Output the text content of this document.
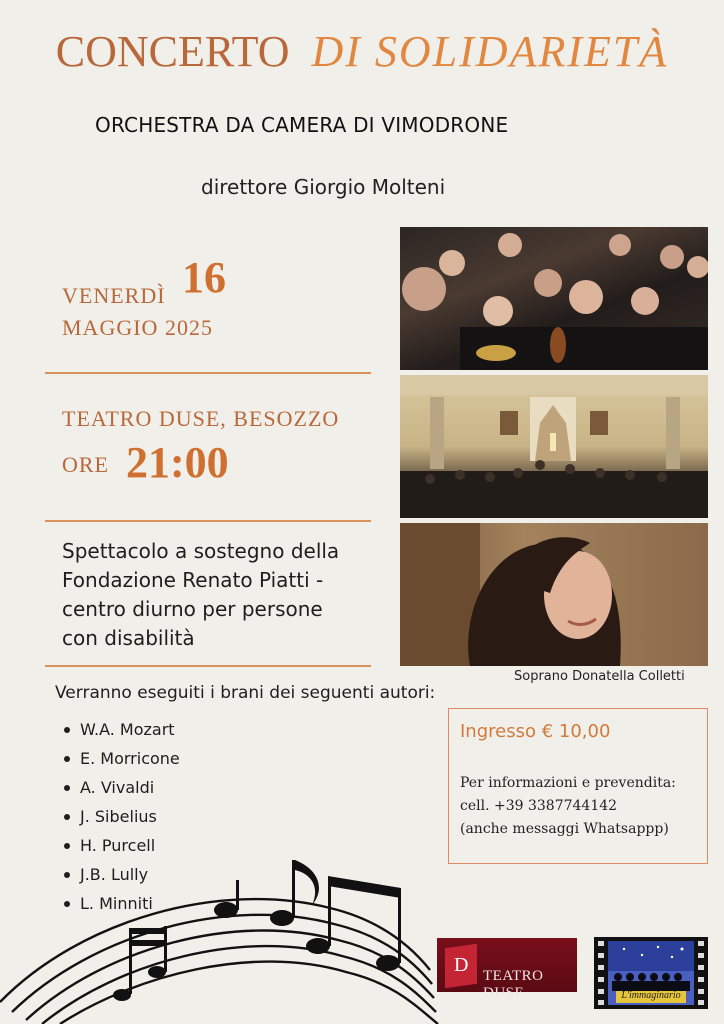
CONCERTO DI SOLIDARIETÀ
ORCHESTRA DA CAMERA DI VIMODRONE
direttore Giorgio Molteni
VENERDÌ 16
MAGGIO 2025
TEATRO DUSE, BESOZZO
ORE 21:00
Spettacolo a sostegno della Fondazione Renato Piatti - centro diurno per persone con disabilità
Verranno eseguiti i brani dei seguenti autori:
W.A. Mozart
E. Morricone
A. Vivaldi
J. Sibelius
H. Purcell
J.B. Lully
L. Minniti
Soprano Donatella Colletti
Ingresso € 10,00
Per informazioni e prevendita:
cell. +39 3387744142
(anche messaggi Whatsappp)
D TEATRO DUSE	L'immaginario
